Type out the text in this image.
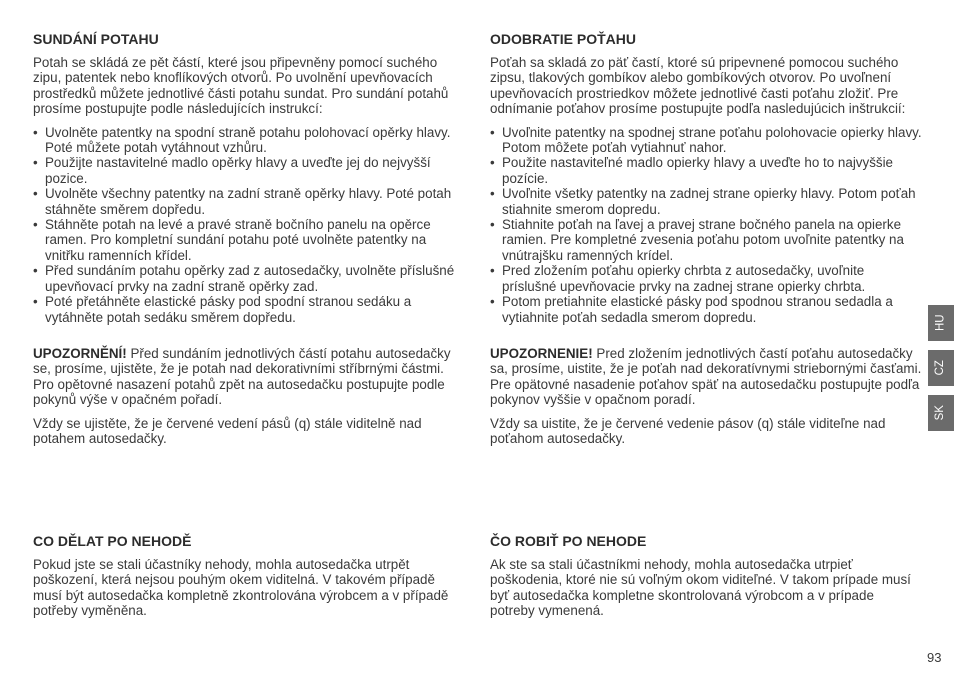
SUNDÁNÍ POTAHU

Potah se skládá ze pět částí, které jsou připevněny pomocí suchého zipu, patentek nebo knoflíkových otvorů. Po uvolnění upevňovacích prostředků můžete jednotlivé části potahu sundat. Pro sundání potahů prosíme postupujte podle následujících instrukcí:

• Uvolněte patentky na spodní straně potahu polohovací opěrky hlavy. Poté můžete potah vytáhnout vzhůru.
• Použijte nastavitelné madlo opěrky hlavy a uveďte jej do nejvyšší pozice.
• Uvolněte všechny patentky na zadní straně opěrky hlavy. Poté potah stáhněte směrem dopředu.
• Stáhněte potah na levé a pravé straně bočního panelu na opěrce ramen. Pro kompletní sundání potahu poté uvolněte patentky na vnitřku ramenních křídel.
• Před sundáním potahu opěrky zad z autosedačky, uvolněte příslušné upevňovací prvky na zadní straně opěrky zad.
• Poté přetáhněte elastické pásky pod spodní stranou sedáku a vytáhněte potah sedáku směrem dopředu.

UPOZORNĚNÍ! Před sundáním jednotlivých částí potahu autosedačky se, prosíme, ujistěte, že je potah nad dekorativními stříbrnými částmi. Pro opětovné nasazení potahů zpět na autosedačku postupujte podle pokynů výše v opačném pořadí.

Vždy se ujistěte, že je červené vedení pásů (q) stále viditelně nad potahem autosedačky.

CO DĚLAT PO NEHODĚ

Pokud jste se stali účastníky nehody, mohla autosedačka utrpět poškození, která nejsou pouhým okem viditelná. V takovém případě musí být autosedačka kompletně zkontrolována výrobcem a v případě potřeby vyměněna.

ODOBRATIE POŤAHU

Poťah sa skladá zo päť častí, ktoré sú pripevnené pomocou suchého zipsu, tlakových gombíkov alebo gombíkových otvorov. Po uvoľnení upevňovacích prostriedkov môžete jednotlivé časti poťahu zložiť. Pre odnímanie poťahov prosíme postupujte podľa nasledujúcich inštrukcií:

• Uvoľnite patentky na spodnej strane poťahu polohovacie opierky hlavy. Potom môžete poťah vytiahnuť nahor.
• Použite nastaviteľné madlo opierky hlavy a uveďte ho to najvyššie pozície.
• Uvoľnite všetky patentky na zadnej strane opierky hlavy. Potom poťah stiahnite smerom dopredu.
• Stiahnite poťah na ľavej a pravej strane bočného panela na opierke ramien. Pre kompletné zvesenia poťahu potom uvoľnite patentky na vnútrajšku ramenných krídel.
• Pred zložením poťahu opierky chrbta z autosedačky, uvoľnite príslušné upevňovacie prvky na zadnej strane opierky chrbta.
• Potom pretiahnite elastické pásky pod spodnou stranou sedadla a vytiahnite poťah sedadla smerom dopredu.

UPOZORNENIE! Pred zložením jednotlivých častí poťahu autosedačky sa, prosíme, uistite, že je poťah nad dekoratívnymi striebornými časťami. Pre opätovné nasadenie poťahov späť na autosedačku postupujte podľa pokynov vyššie v opačnom poradí.

Vždy sa uistite, že je červené vedenie pásov (q) stále viditeľne nad poťahom autosedačky.

ČO ROBIŤ PO NEHODE

Ak ste sa stali účastníkmi nehody, mohla autosedačka utrpieť poškodenia, ktoré nie sú voľným okom viditeľné. V takom prípade musí byť autosedačka kompletne skontrolovaná výrobcom a v prípade potreby vymenená.

HU
CZ
SK
93
